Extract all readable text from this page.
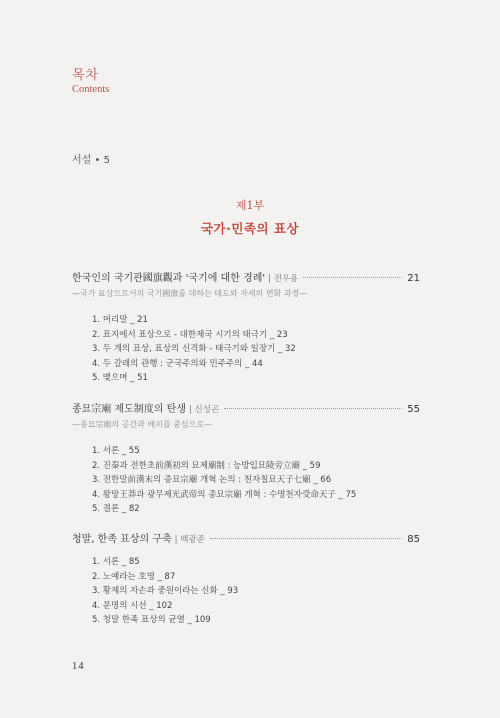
목차
Contents
서설 • 5
제1부
국가·민족의 표상
한국인의 국기관國旗觀과 '국기에 대한 경례' | 전우용	21
—국가 표상으로서의 국기國旗를 대하는 태도와 자세의 변화 과정—
1. 머리말 _ 21
2. 표지에서 표상으로 - 대한제국 시기의 태극기 _ 23
3. 두 개의 표상, 표상의 신격화 - 태극기와 일장기 _ 32
4. 두 갈래의 관행 : 군국주의와 민주주의 _ 44
5. 맺으며 _ 51
종묘宗廟 제도制度의 탄생 | 신성곤	55
—종묘宗廟의 공간과 배치를 중심으로—
1. 서론 _ 55
2. 진秦과 전한초前漢初의 묘제廟制 : 능방입묘陵旁立廟 _ 59
3. 전한말前漢末의 종묘宗廟 개혁 논의 : 천자칠묘天子七廟 _ 66
4. 왕망王莽과 광무제光武帝의 종묘宗廟 개혁 : 수명천자受命天子 _ 75
5. 결론 _ 82
청말, 한족 표상의 구축 | 백광준	85
1. 서론 _ 85
2. 노예라는 호명 _ 87
3. 황제의 자손과 중원이라는 신화 _ 93
4. 문명의 시선 _ 102
5. 청말 한족 표상의 균열 _ 109
14
